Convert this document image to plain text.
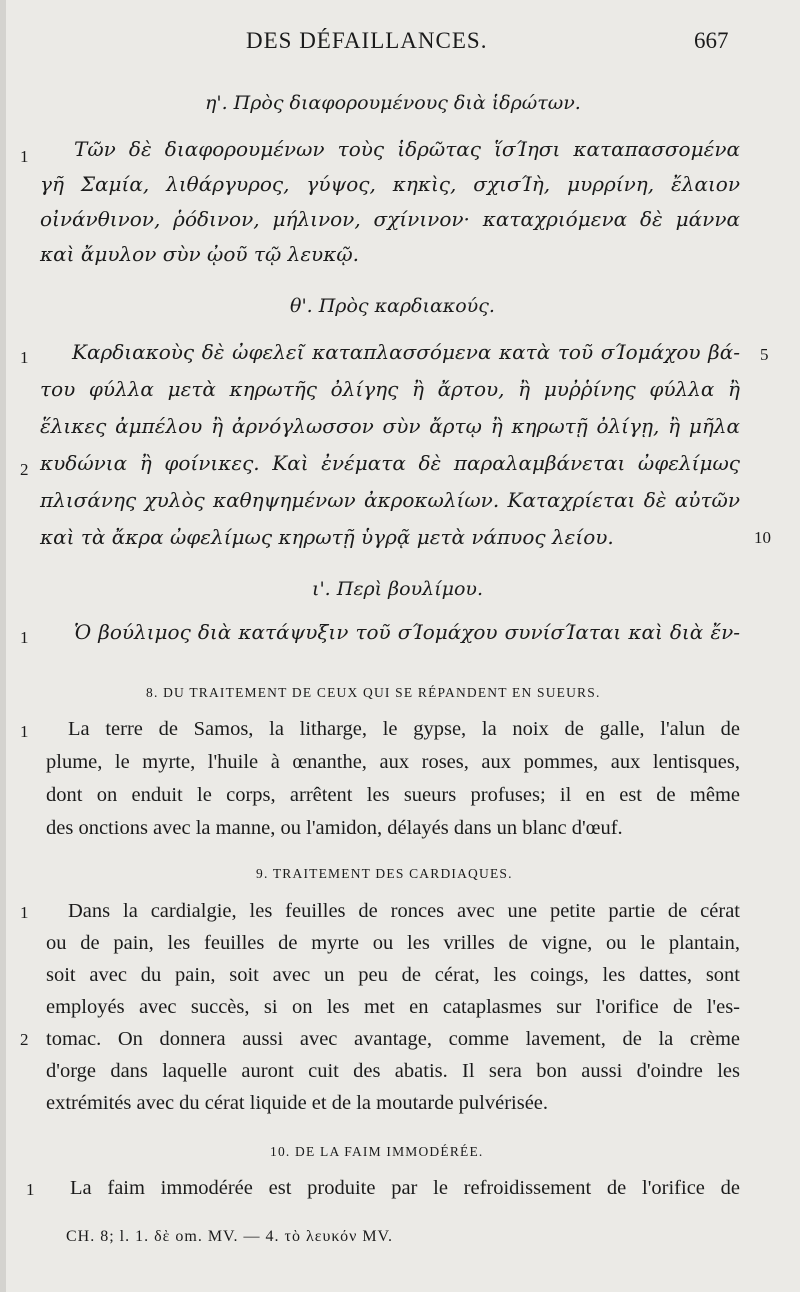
DES DÉFAILLANCES.	667
η'. Πρὸς διαφορουμένους διὰ ἱδρώτων.
1 Τῶν δὲ διαφορουμένων τοὺς ἱδρῶτας ἵσΊησι καταπασσομένα
γῆ Σαμία, λιθάργυρος, γύψος, κηκὶς, σχισΊὴ, μυρρίνη, ἔλαιον
οἰνάνθινον, ῥόδινον, μήλινον, σχίνινον· καταχριόμενα δὲ μάννα
καὶ ἄμυλον σὺν ᾠοῦ τῷ λευκῷ.
θ'. Πρὸς καρδιακούς.
1	5
Καρδιακοὺς δὲ ὠφελεῖ καταπλασσόμενα κατὰ τοῦ σΊομάχου βά-
του φύλλα μετὰ κηρωτῆς ὀλίγης ἢ ἄρτου, ἢ μυῤῥίνης φύλλα ἢ
ἕλικες ἀμπέλου ἢ ἀρνόγλωσσον σὺν ἄρτῳ ἢ κηρωτῇ ὀλίγῃ, ἢ μῆλα
2 κυδώνια ἢ φοίνικες. Καὶ ἐνέματα δὲ παραλαμβάνεται ὠφελίμως
πλισάνης χυλὸς καθηψημένων ἀκροκωλίων. Καταχρίεται δὲ αὐτῶν
10
καὶ τὰ ἄκρα ὠφελίμως κηρωτῇ ὑγρᾷ μετὰ νάπυος λείου.
ι'. Περὶ βουλίμου.
1 Ὁ βούλιμος διὰ κατάψυξιν τοῦ σΊομάχου συνίσΊαται καὶ διὰ ἔν-
8. DU TRAITEMENT DE CEUX QUI SE RÉPANDENT EN SUEURS.
1 La terre de Samos, la litharge, le gypse, la noix de galle, l'alun de
plume, le myrte, l'huile à œnanthe, aux roses, aux pommes, aux lentisques,
dont on enduit le corps, arrêtent les sueurs profuses; il en est de même
des onctions avec la manne, ou l'amidon, délayés dans un blanc d'œuf.
9. TRAITEMENT DES CARDIAQUES.
1 Dans la cardialgie, les feuilles de ronces avec une petite partie de cérat
ou de pain, les feuilles de myrte ou les vrilles de vigne, ou le plantain,
soit avec du pain, soit avec un peu de cérat, les coings, les dattes, sont
employés avec succès, si on les met en cataplasmes sur l'orifice de l'es-
2 tomac. On donnera aussi avec avantage, comme lavement, de la crème
d'orge dans laquelle auront cuit des abatis. Il sera bon aussi d'oindre les
extrémités avec du cérat liquide et de la moutarde pulvérisée.
10. DE LA FAIM IMMODÉRÉE.
1 La faim immodérée est produite par le refroidissement de l'orifice de
CH. 8; l. 1. δὲ om. MV. — 4. τὸ λευκόν MV.
